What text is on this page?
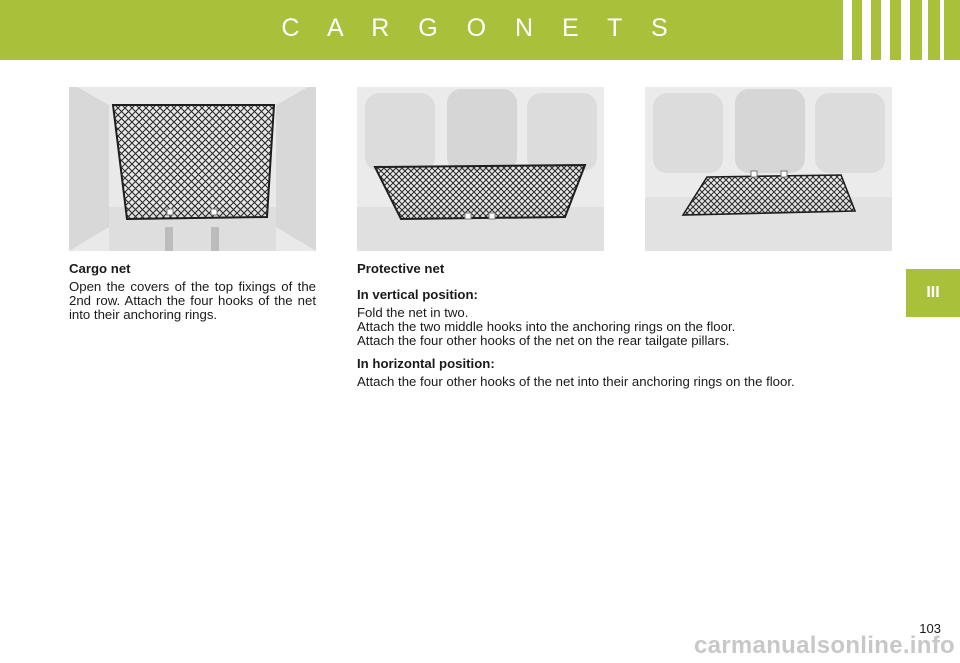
C A R G O N E T S
III

Cargo net

Open the covers of the top fixings of the 2nd row. Attach the four hooks of the net into their anchoring rings.

Protective net

In vertical position:

Fold the net in two.

Attach the two middle hooks into the anchoring rings on the floor.

Attach the four other hooks of the net on the rear tailgate pillars.

In horizontal position:

Attach the four other hooks of the net into their anchoring rings on the floor.

103
carmanualsonline.info
